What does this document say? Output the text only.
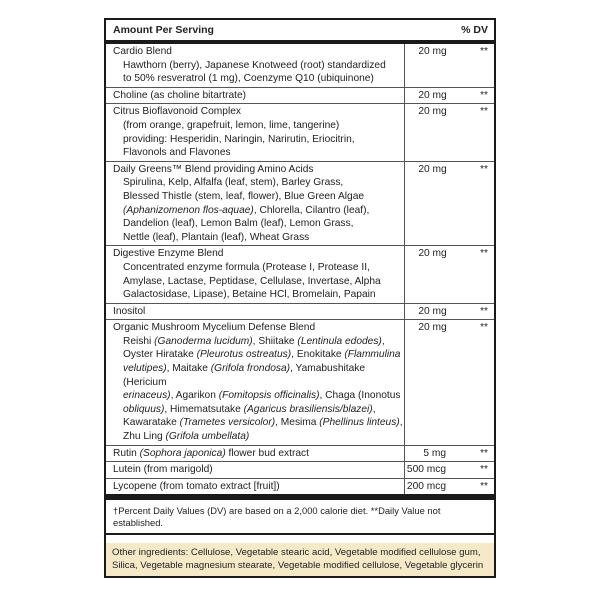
Amount Per Serving	% DV
Cardio Blend
Hawthorn (berry), Japanese Knotweed (root) standardized
to 50% resveratrol (1 mg), Coenzyme Q10 (ubiquinone)
20 mg	**
Choline (as choline bitartrate)	20 mg	**
Citrus Bioflavonoid Complex
(from orange, grapefruit, lemon, lime, tangerine)
providing: Hesperidin, Naringin, Narirutin, Eriocitrin,
Flavonols and Flavones
20 mg	**
Daily Greens™ Blend providing Amino Acids
Spirulina, Kelp, Alfalfa (leaf, stem), Barley Grass,
Blessed Thistle (stem, leaf, flower), Blue Green Algae
(Aphanizomenon flos-aquae), Chlorella, Cilantro (leaf),
Dandelion (leaf), Lemon Balm (leaf), Lemon Grass,
Nettle (leaf), Plantain (leaf), Wheat Grass
20 mg	**
Digestive Enzyme Blend
Concentrated enzyme formula (Protease I, Protease II,
Amylase, Lactase, Peptidase, Cellulase, Invertase, Alpha
Galactosidase, Lipase), Betaine HCl, Bromelain, Papain
20 mg	**
Inositol	20 mg	**
Organic Mushroom Mycelium Defense Blend
Reishi (Ganoderma lucidum), Shiitake (Lentinula edodes),
Oyster Hiratake (Pleurotus ostreatus), Enokitake (Flammulina
velutipes), Maitake (Grifola frondosa), Yamabushitake (Hericium
erinaceus), Agarikon (Fomitopsis officinalis), Chaga (Inonotus
obliquus), Himematsutake (Agaricus brasiliensis/blazei),
Kawaratake (Trametes versicolor), Mesima (Phellinus linteus),
Zhu Ling (Grifola umbellata)
20 mg	**
Rutin (Sophora japonica) flower bud extract	5 mg	**
Lutein (from marigold)	500 mcg	**
Lycopene (from tomato extract [fruit])	200 mcg	**
†Percent Daily Values (DV) are based on a 2,000 calorie diet. **Daily Value not established.
Other ingredients: Cellulose, Vegetable stearic acid, Vegetable modified cellulose gum, Silica, Vegetable magnesium stearate, Vegetable modified cellulose, Vegetable glycerin
